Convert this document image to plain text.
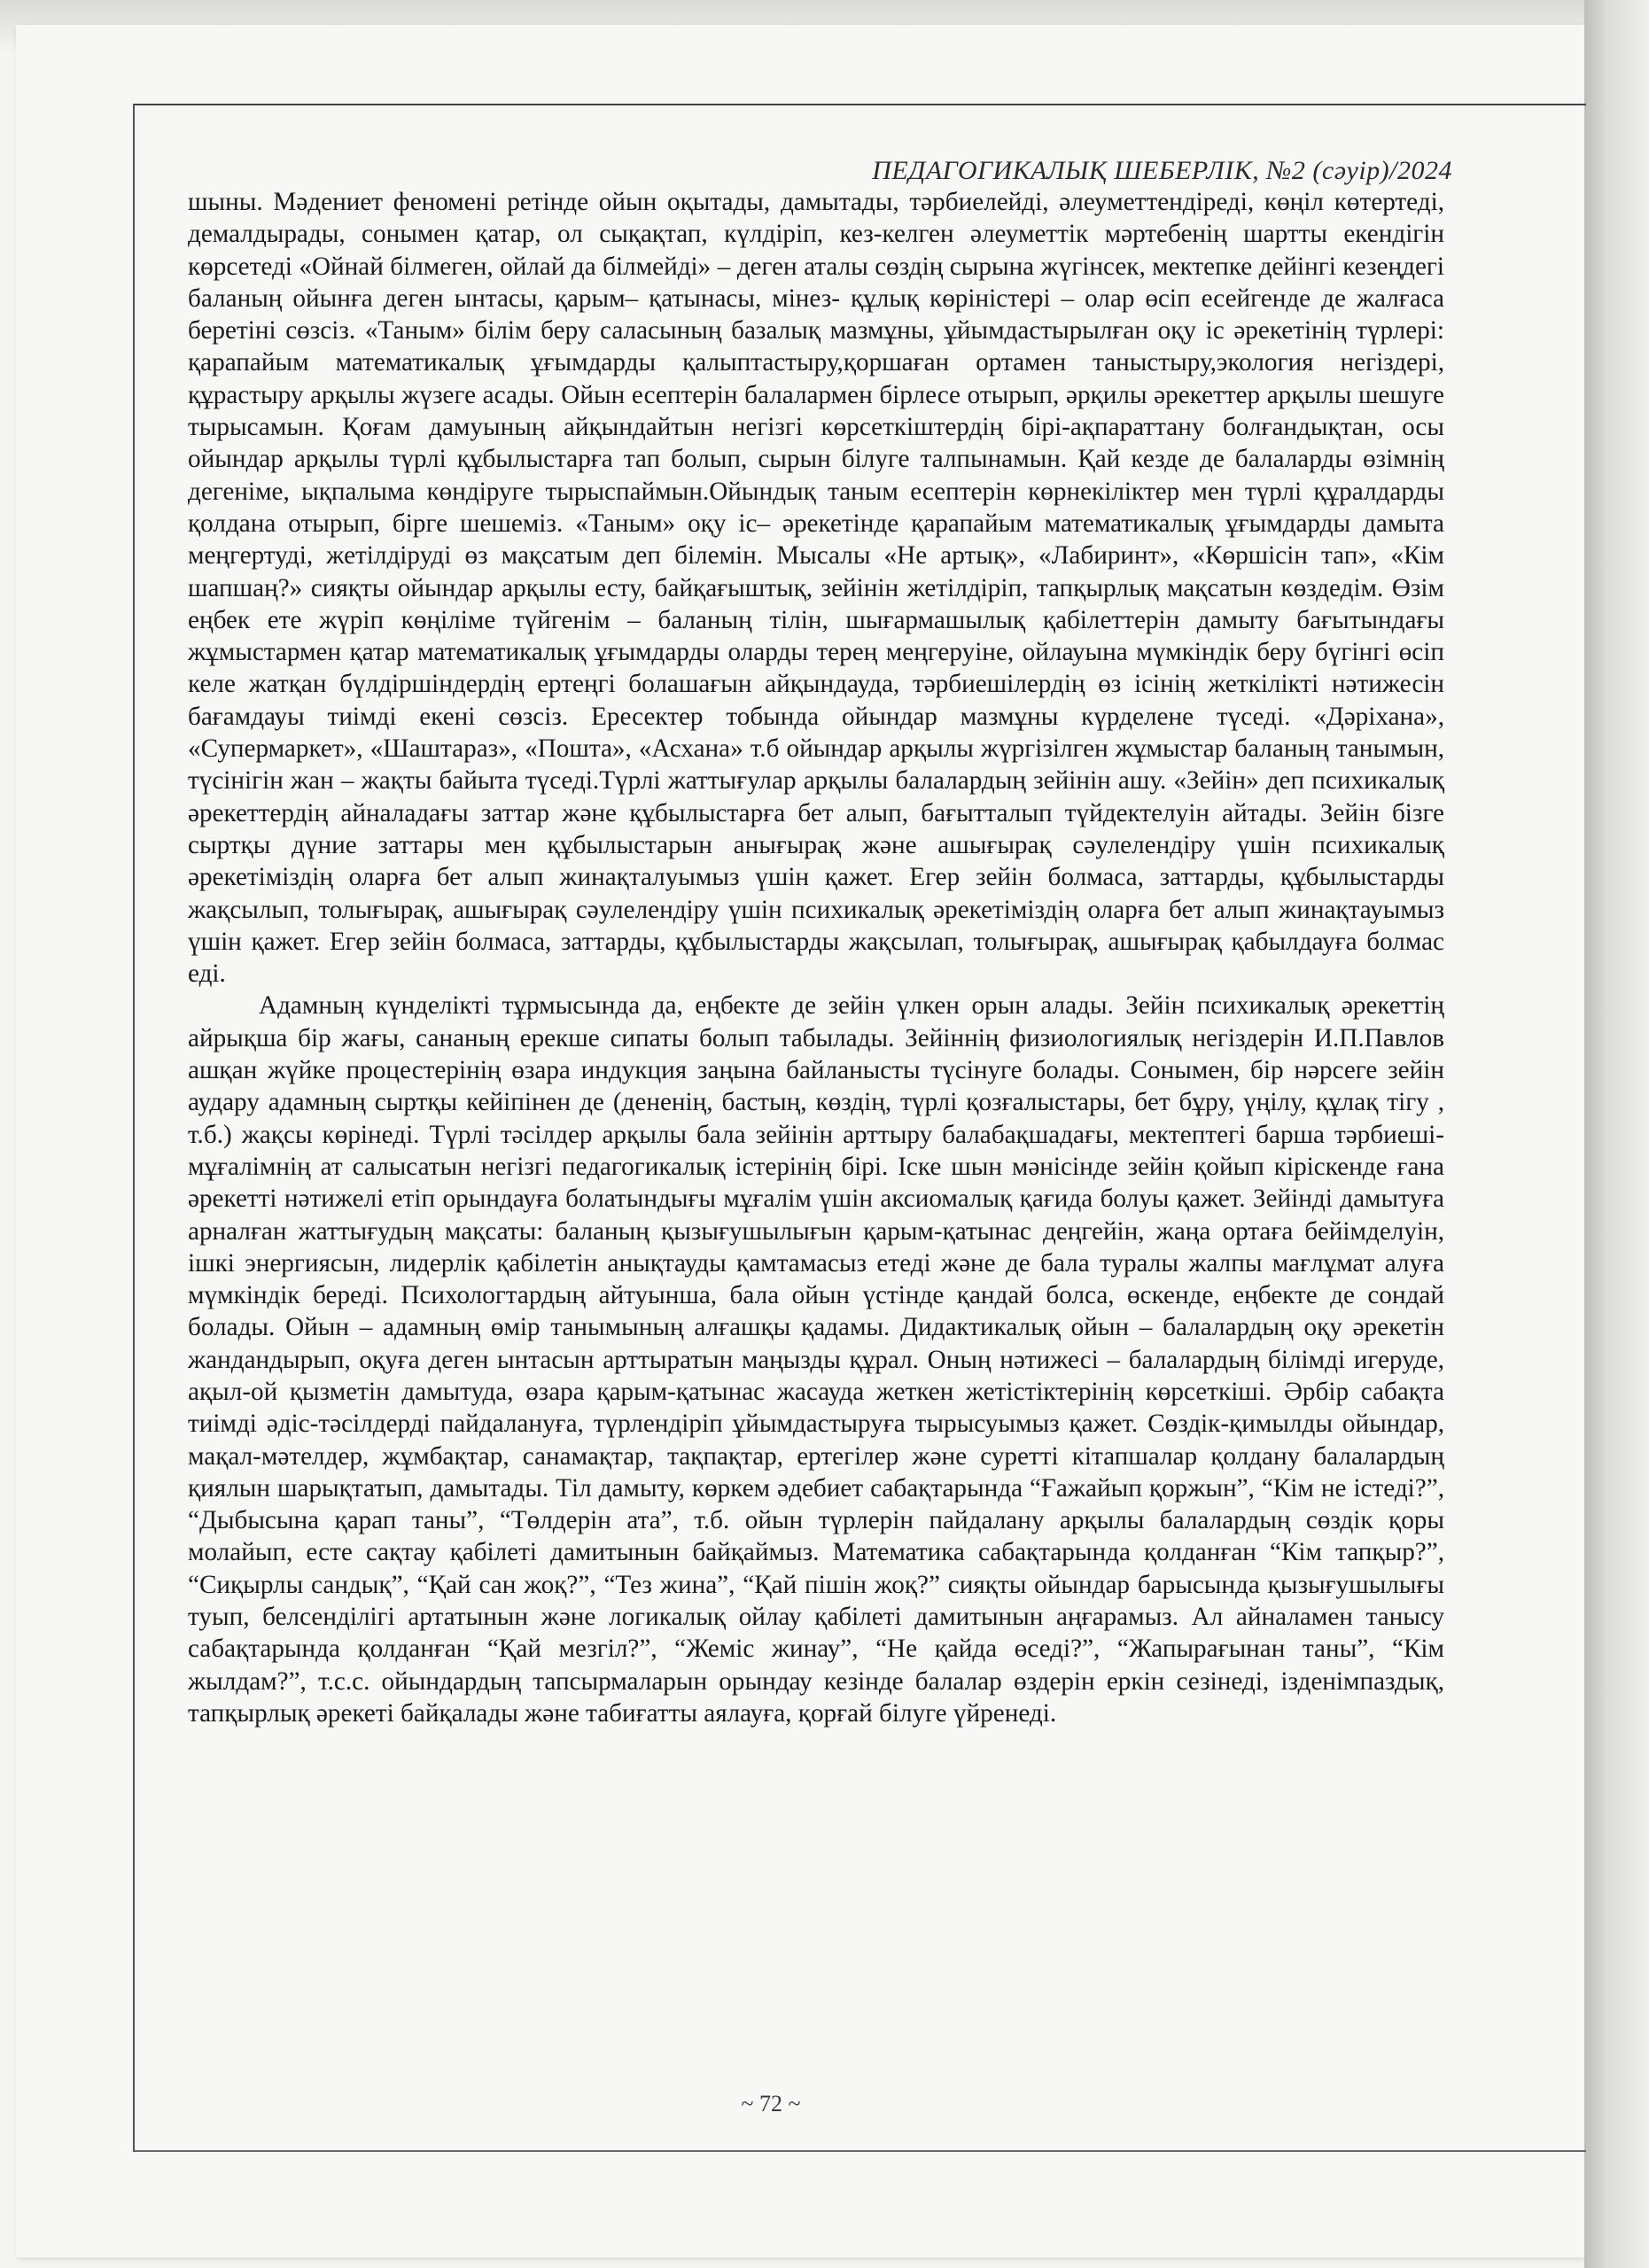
ПЕДАГОГИКАЛЫҚ ШЕБЕРЛІК, №2 (сәуір)/2024

шыны. Мәдениет феноменi ретiнде ойын оқытады, дамытады, тәрбиелейдi, әлеуметтендiредi, көңiл көтертедi, демалдырады, сонымен қатар, ол сықақтап, күлдiрiп, кез-келген әлеуметтiк мәртебенiң шартты екендiгiн көрсетедi «Ойнай бiлмеген, ойлай да бiлмейдi» – деген аталы сөздiң сырына жүгiнсек, мектепке дейiнгi кезеңдегi баланың ойынға деген ынтасы, қарым– қатынасы, мiнез- құлық көрiнiстерi – олар өсiп есейгенде де жалғаса беретiнi сөзсiз. «Таным» бiлiм беру саласының базалық мазмұны, ұйымдастырылған оқу iс әрекетiнiң түрлерi: қарапайым математикалық ұғымдарды қалыптастыру,қоршаған ортамен таныстыру,экология негiздерi, құрастыру арқылы жүзеге асады. Ойын есептерiн балалармен бiрлесе отырып, әрқилы әрекеттер арқылы шешуге тырысамын. Қоғам дамуының айқындайтын негiзгi көрсеткiштердiң бiрi-ақпараттану болғандықтан, осы ойындар арқылы түрлi құбылыстарға тап болып, сырын бiлуге талпынамын. Қай кезде де балаларды өзiмнiң дегенiме, ықпалыма көндiруге тырыспаймын.Ойындық таным есептерiн көрнекiлiктер мен түрлi құралдарды қолдана отырып, бiрге шешемiз. «Таным» оқу iс– әрекетiнде қарапайым математикалық ұғымдарды дамыта меңгертудi, жетiлдiрудi өз мақсатым деп бiлемiн. Мысалы «Не артық», «Лабиринт», «Көршiсiн тап», «Кiм шапшаң?» сияқты ойындар арқылы есту, байқағыштық, зейiнiн жетiлдiрiп, тапқырлық мақсатын көздедiм. Өзiм еңбек ете жүрiп көңiлiме түйгенiм – баланың тiлiн, шығармашылық қабiлеттерiн дамыту бағытындағы жұмыстармен қатар математикалық ұғымдарды оларды терең меңгеруiне, ойлауына мүмкiндiк беру бүгiнгi өсiп келе жатқан бүлдiршiндердiң ертеңгi болашағын айқындауда, тәрбиешiлердiң өз iсiнiң жеткiлiктi нәтижесiн бағамдауы тиiмдi екенi сөзсiз. Ересектер тобында ойындар мазмұны күрделене түседi. «Дәрiхана», «Супермаркет», «Шаштараз», «Пошта», «Асхана» т.б ойындар арқылы жүргiзiлген жұмыстар баланың танымын, түсiнiгiн жан – жақты байыта түседi.Түрлi жаттығулар арқылы балалардың зейiнiн ашу. «Зейiн» деп психикалық әрекеттердiң айналадағы заттар және құбылыстарға бет алып, бағытталып түйдектелуiн айтады. Зейiн бiзге сыртқы дүние заттары мен құбылыстарын анығырақ және ашығырақ сәулелендiру үшiн психикалық әрекетiмiздiң оларға бет алып жинақталуымыз үшiн қажет. Егер зейiн болмаса, заттарды, құбылыстарды жақсылып, толығырақ, ашығырақ сәулелендiру үшiн психикалық әрекетiмiздiң оларға бет алып жинақтауымыз үшiн қажет. Егер зейiн болмаса, заттарды, құбылыстарды жақсылап, толығырақ, ашығырақ қабылдауға болмас едi.

Адамның күнделiктi тұрмысында да, еңбекте де зейiн үлкен орын алады. Зейiн психикалық әрекеттiң айрықша бiр жағы, сананың ерекше сипаты болып табылады. Зейiннiң физиологиялық негiздерiн И.П.Павлов ашқан жүйке процестерiнiң өзара индукция заңына байланысты түсiнуге болады. Сонымен, бiр нәрсеге зейiн аудару адамның сыртқы кейiпiнен де (дененiң, бастың, көздiң, түрлi қозғалыстары, бет бұру, үңiлу, құлақ тiгу , т.б.) жақсы көрiнедi. Түрлi тәсiлдер арқылы бала зейiнiн арттыру балабақшадағы, мектептегi барша тәрбиешi- мұғалiмнiң ат салысатын негiзгi педагогикалық iстерiнiң бiрi. Iске шын мәнiсiнде зейiн қойып кiрiскенде ғана әрекеттi нәтижелi етiп орындауға болатындығы мұғалiм үшiн аксиомалық қағида болуы қажет. Зейiндi дамытуға арналған жаттығудың мақсаты: баланың қызығушылығын қарым-қатынас деңгейiн, жаңа ортаға бейiмделуiн, iшкi энергиясын, лидерлiк қабiлетiн анықтауды қамтамасыз етедi және де бала туралы жалпы мағлұмат алуға мүмкiндiк бередi. Психологтардың айтуынша, бала ойын үстiнде қандай болса, өскенде, еңбекте де сондай болады. Ойын – адамның өмiр танымының алғашқы қадамы. Дидактикалық ойын – балалардың оқу әрекетiн жандандырып, оқуға деген ынтасын арттыратын маңызды құрал. Оның нәтижесi – балалардың бiлiмдi игеруде, ақыл-ой қызметiн дамытуда, өзара қарым-қатынас жасауда жеткен жетiстiктерiнiң көрсеткiшi. Әрбiр сабақта тиiмдi әдiс-тәсiлдердi пайдалануға, түрлендiрiп ұйымдастыруға тырысуымыз қажет. Сөздiк-қимылды ойындар, мақал-мәтелдер, жұмбақтар, санамақтар, тақпақтар, ертегiлер және суреттi кiтапшалар қолдану балалардың қиялын шарықтатып, дамытады. Тiл дамыту, көркем әдебиет сабақтарында “Ғажайып қоржын”, “Кiм не iстедi?”, “Дыбысына қарап таны”, “Төлдерiн ата”, т.б. ойын түрлерiн пайдалану арқылы балалардың сөздiк қоры молайып, есте сақтау қабiлетi дамитынын байқаймыз. Математика сабақтарында қолданған “Кiм тапқыр?”, “Сиқырлы сандық”, “Қай сан жоқ?”, “Тез жина”, “Қай пiшiн жоқ?” сияқты ойындар барысында қызығушылығы туып, белсендiлiгi артатынын және логикалық ойлау қабiлетi дамитынын аңғарамыз. Ал айналамен танысу сабақтарында қолданған “Қай мезгiл?”, “Жемiс жинау”, “Не қайда өседi?”, “Жапырағынан таны”, “Кiм жылдам?”, т.с.с. ойындардың тапсырмаларын орындау кезiнде балалар өздерiн еркiн сезiнедi, iзденiмпаздық, тапқырлық әрекетi байқалады және табиғатты аялауға, қорғай бiлуге үйренедi.

~ 72 ~
